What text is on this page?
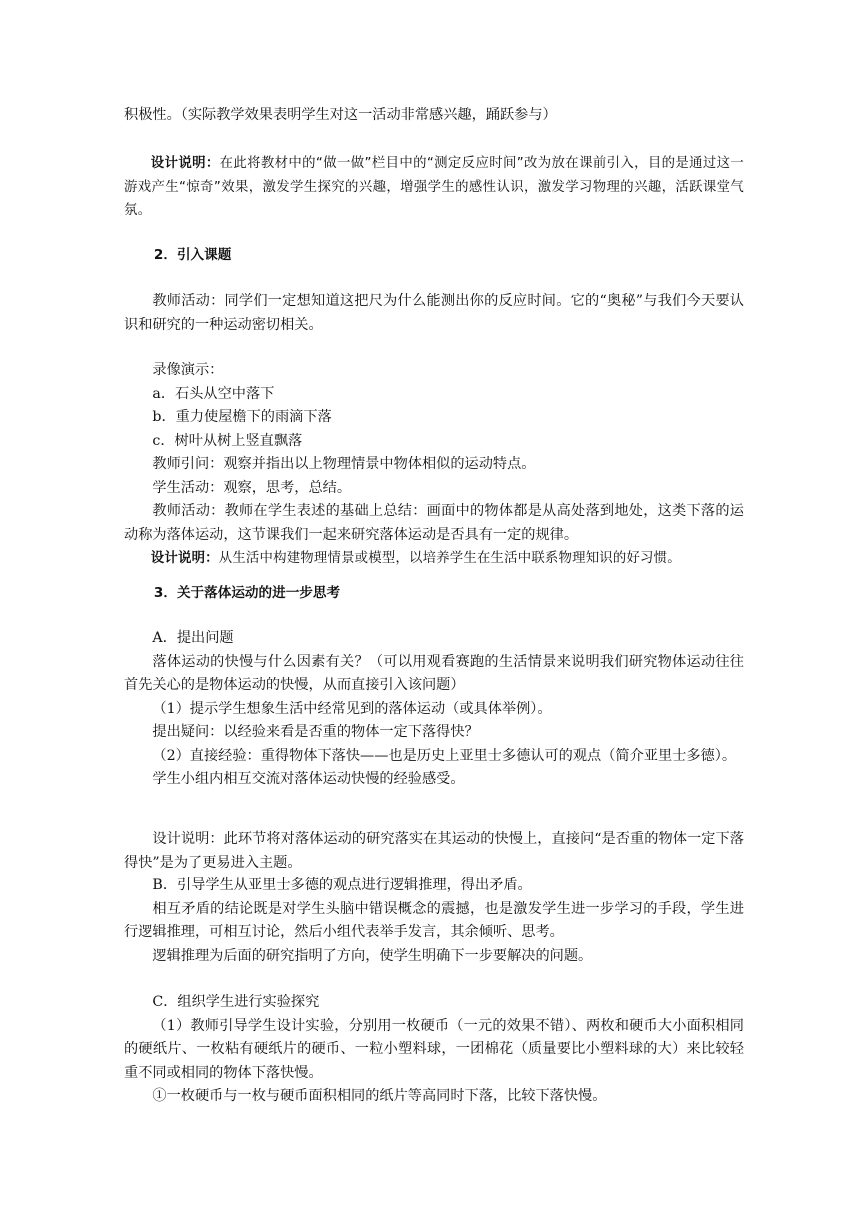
积极性。（实际教学效果表明学生对这一活动非常感兴趣，踊跃参与）

设计说明：在此将教材中的“做一做”栏目中的“测定反应时间”改为放在课前引入，目的是通过这一游戏产生“惊奇”效果，激发学生探究的兴趣，增强学生的感性认识，激发学习物理的兴趣，活跃课堂气氛。

2．引入课题

教师活动：同学们一定想知道这把尺为什么能测出你的反应时间。它的“奥秘”与我们今天要认识和研究的一种运动密切相关。

录像演示：

a．石头从空中落下

b．重力使屋檐下的雨滴下落

c．树叶从树上竖直飘落

教师引问：观察并指出以上物理情景中物体相似的运动特点。

学生活动：观察，思考，总结。

教师活动：教师在学生表述的基础上总结：画面中的物体都是从高处落到地处，这类下落的运动称为落体运动，这节课我们一起来研究落体运动是否具有一定的规律。

设计说明：从生活中构建物理情景或模型，以培养学生在生活中联系物理知识的好习惯。

3．关于落体运动的进一步思考

A．提出问题

落体运动的快慢与什么因素有关？（可以用观看赛跑的生活情景来说明我们研究物体运动往往首先关心的是物体运动的快慢，从而直接引入该问题）

（1）提示学生想象生活中经常见到的落体运动（或具体举例）。

提出疑问：以经验来看是否重的物体一定下落得快？

（2）直接经验：重得物体下落快——也是历史上亚里士多德认可的观点（简介亚里士多德）。

学生小组内相互交流对落体运动快慢的经验感受。

设计说明：此环节将对落体运动的研究落实在其运动的快慢上，直接问“是否重的物体一定下落得快”是为了更易进入主题。

B．引导学生从亚里士多德的观点进行逻辑推理，得出矛盾。

相互矛盾的结论既是对学生头脑中错误概念的震撼，也是激发学生进一步学习的手段，学生进行逻辑推理，可相互讨论，然后小组代表举手发言，其余倾听、思考。

逻辑推理为后面的研究指明了方向，使学生明确下一步要解决的问题。

C．组织学生进行实验探究

（1）教师引导学生设计实验，分别用一枚硬币（一元的效果不错）、两枚和硬币大小面积相同的硬纸片、一枚粘有硬纸片的硬币、一粒小塑料球，一团棉花（质量要比小塑料球的大）来比较轻重不同或相同的物体下落快慢。

①一枚硬币与一枚与硬币面积相同的纸片等高同时下落，比较下落快慢。
